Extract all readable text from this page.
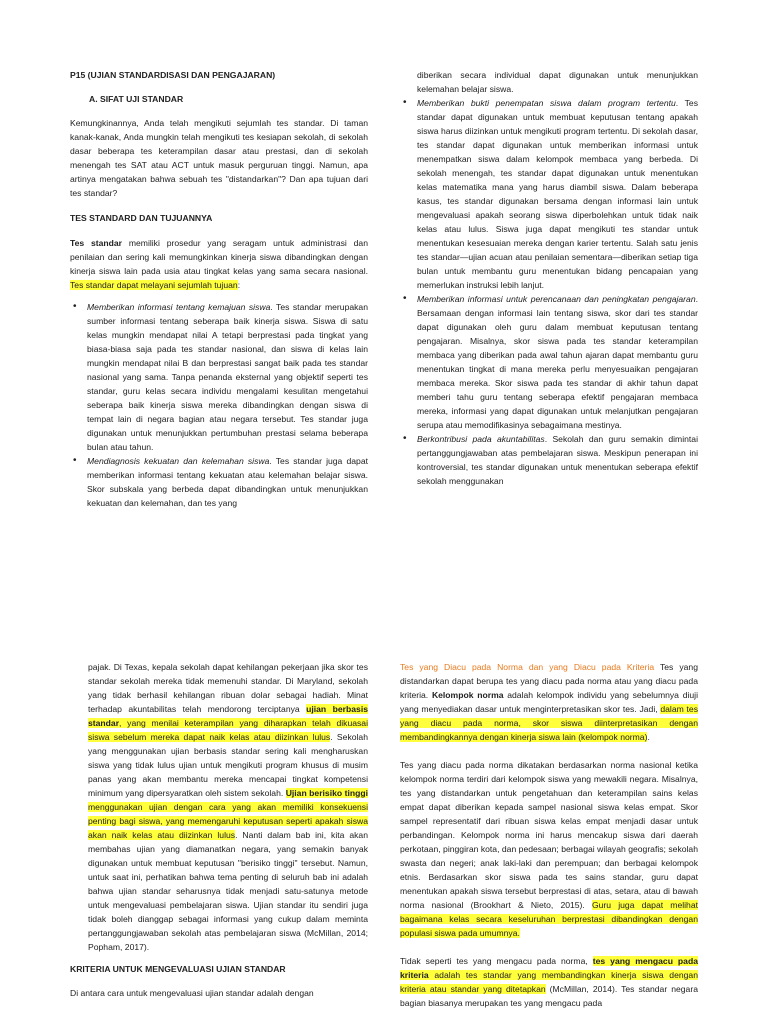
P15 (UJIAN STANDARDISASI DAN PENGAJARAN)
A. SIFAT UJI STANDAR

Kemungkinannya, Anda telah mengikuti sejumlah tes standar. Di taman kanak-kanak, Anda mungkin telah mengikuti tes kesiapan sekolah, di sekolah dasar beberapa tes keterampilan dasar atau prestasi, dan di sekolah menengah tes SAT atau ACT untuk masuk perguruan tinggi. Namun, apa artinya mengatakan bahwa sebuah tes "distandarkan"? Dan apa tujuan dari tes standar?

TES STANDARD DAN TUJUANNYA

Tes standar memiliki prosedur yang seragam untuk administrasi dan penilaian dan sering kali memungkinkan kinerja siswa dibandingkan dengan kinerja siswa lain pada usia atau tingkat kelas yang sama secara nasional. Tes standar dapat melayani sejumlah tujuan:

• Memberikan informasi tentang kemajuan siswa. Tes standar merupakan sumber informasi tentang seberapa baik kinerja siswa. Siswa di satu kelas mungkin mendapat nilai A tetapi berprestasi pada tingkat yang biasa-biasa saja pada tes standar nasional, dan siswa di kelas lain mungkin mendapat nilai B dan berprestasi sangat baik pada tes standar nasional yang sama. Tanpa penanda eksternal yang objektif seperti tes standar, guru kelas secara individu mengalami kesulitan mengetahui seberapa baik kinerja siswa mereka dibandingkan dengan siswa di tempat lain di negara bagian atau negara tersebut. Tes standar juga digunakan untuk menunjukkan pertumbuhan prestasi selama beberapa bulan atau tahun.
• Mendiagnosis kekuatan dan kelemahan siswa. Tes standar juga dapat memberikan informasi tentang kekuatan atau kelemahan belajar siswa. Skor subskala yang berbeda dapat dibandingkan untuk menunjukkan kekuatan dan kelemahan, dan tes yang

diberikan secara individual dapat digunakan untuk menunjukkan kelemahan belajar siswa.

• Memberikan bukti penempatan siswa dalam program tertentu. Tes standar dapat digunakan untuk membuat keputusan tentang apakah siswa harus diizinkan untuk mengikuti program tertentu. Di sekolah dasar, tes standar dapat digunakan untuk memberikan informasi untuk menempatkan siswa dalam kelompok membaca yang berbeda. Di sekolah menengah, tes standar dapat digunakan untuk menentukan kelas matematika mana yang harus diambil siswa. Dalam beberapa kasus, tes standar digunakan bersama dengan informasi lain untuk mengevaluasi apakah seorang siswa diperbolehkan untuk tidak naik kelas atau lulus. Siswa juga dapat mengikuti tes standar untuk menentukan kesesuaian mereka dengan karier tertentu. Salah satu jenis tes standar—ujian acuan atau penilaian sementara—diberikan setiap tiga bulan untuk membantu guru menentukan bidang pencapaian yang memerlukan instruksi lebih lanjut.
• Memberikan informasi untuk perencanaan dan peningkatan pengajaran. Bersamaan dengan informasi lain tentang siswa, skor dari tes standar dapat digunakan oleh guru dalam membuat keputusan tentang pengajaran. Misalnya, skor siswa pada tes standar keterampilan membaca yang diberikan pada awal tahun ajaran dapat membantu guru menentukan tingkat di mana mereka perlu menyesuaikan pengajaran membaca mereka. Skor siswa pada tes standar di akhir tahun dapat memberi tahu guru tentang seberapa efektif pengajaran membaca mereka, informasi yang dapat digunakan untuk melanjutkan pengajaran serupa atau memodifikasinya sebagaimana mestinya.
• Berkontribusi pada akuntabilitas. Sekolah dan guru semakin dimintai pertanggungjawaban atas pembelajaran siswa. Meskipun penerapan ini kontroversial, tes standar digunakan untuk menentukan seberapa efektif sekolah menggunakan

pajak. Di Texas, kepala sekolah dapat kehilangan pekerjaan jika skor tes standar sekolah mereka tidak memenuhi standar. Di Maryland, sekolah yang tidak berhasil kehilangan ribuan dolar sebagai hadiah. Minat terhadap akuntabilitas telah mendorong terciptanya ujian berbasis standar, yang menilai keterampilan yang diharapkan telah dikuasai siswa sebelum mereka dapat naik kelas atau diizinkan lulus. Sekolah yang menggunakan ujian berbasis standar sering kali mengharuskan siswa yang tidak lulus ujian untuk mengikuti program khusus di musim panas yang akan membantu mereka mencapai tingkat kompetensi minimum yang dipersyaratkan oleh sistem sekolah. Ujian berisiko tinggi menggunakan ujian dengan cara yang akan memiliki konsekuensi penting bagi siswa, yang memengaruhi keputusan seperti apakah siswa akan naik kelas atau diizinkan lulus. Nanti dalam bab ini, kita akan membahas ujian yang diamanatkan negara, yang semakin banyak digunakan untuk membuat keputusan "berisiko tinggi" tersebut. Namun, untuk saat ini, perhatikan bahwa tema penting di seluruh bab ini adalah bahwa ujian standar seharusnya tidak menjadi satu-satunya metode untuk mengevaluasi pembelajaran siswa. Ujian standar itu sendiri juga tidak boleh dianggap sebagai informasi yang cukup dalam meminta pertanggungjawaban sekolah atas pembelajaran siswa (McMillan, 2014; Popham, 2017).

KRITERIA UNTUK MENGEVALUASI UJIAN STANDAR

Di antara cara untuk mengevaluasi ujian standar adalah dengan

Tes yang Diacu pada Norma dan yang Diacu pada Kriteria Tes yang distandarkan dapat berupa tes yang diacu pada norma atau yang diacu pada kriteria. Kelompok norma adalah kelompok individu yang sebelumnya diuji yang menyediakan dasar untuk menginterpretasikan skor tes. Jadi, dalam tes yang diacu pada norma, skor siswa diinterpretasikan dengan membandingkannya dengan kinerja siswa lain (kelompok norma).

Tes yang diacu pada norma dikatakan berdasarkan norma nasional ketika kelompok norma terdiri dari kelompok siswa yang mewakili negara. Misalnya, tes yang distandarkan untuk pengetahuan dan keterampilan sains kelas empat dapat diberikan kepada sampel nasional siswa kelas empat. Skor sampel representatif dari ribuan siswa kelas empat menjadi dasar untuk perbandingan. Kelompok norma ini harus mencakup siswa dari daerah perkotaan, pinggiran kota, dan pedesaan; berbagai wilayah geografis; sekolah swasta dan negeri; anak laki-laki dan perempuan; dan berbagai kelompok etnis. Berdasarkan skor siswa pada tes sains standar, guru dapat menentukan apakah siswa tersebut berprestasi di atas, setara, atau di bawah norma nasional (Brookhart & Nieto, 2015). Guru juga dapat melihat bagaimana kelas secara keseluruhan berprestasi dibandingkan dengan populasi siswa pada umumnya.

Tidak seperti tes yang mengacu pada norma, tes yang mengacu pada kriteria adalah tes standar yang membandingkan kinerja siswa dengan kriteria atau standar yang ditetapkan (McMillan, 2014). Tes standar negara bagian biasanya merupakan tes yang mengacu pada
